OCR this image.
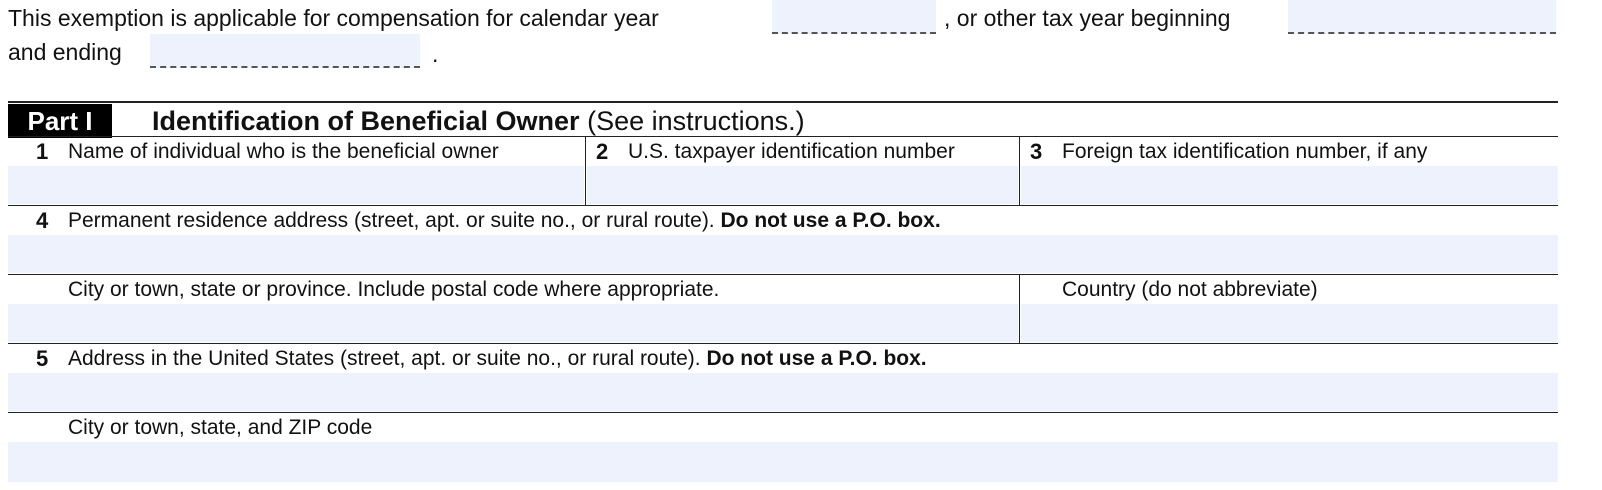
This exemption is applicable for compensation for calendar year	, or other tax year beginning
and ending	.
Part I	Identification of Beneficial Owner (See instructions.)
1 Name of individual who is the beneficial owner	2 U.S. taxpayer identification number	3 Foreign tax identification number, if any
4 Permanent residence address (street, apt. or suite no., or rural route). Do not use a P.O. box.
City or town, state or province. Include postal code where appropriate.	Country (do not abbreviate)
5 Address in the United States (street, apt. or suite no., or rural route). Do not use a P.O. box.
City or town, state, and ZIP code
